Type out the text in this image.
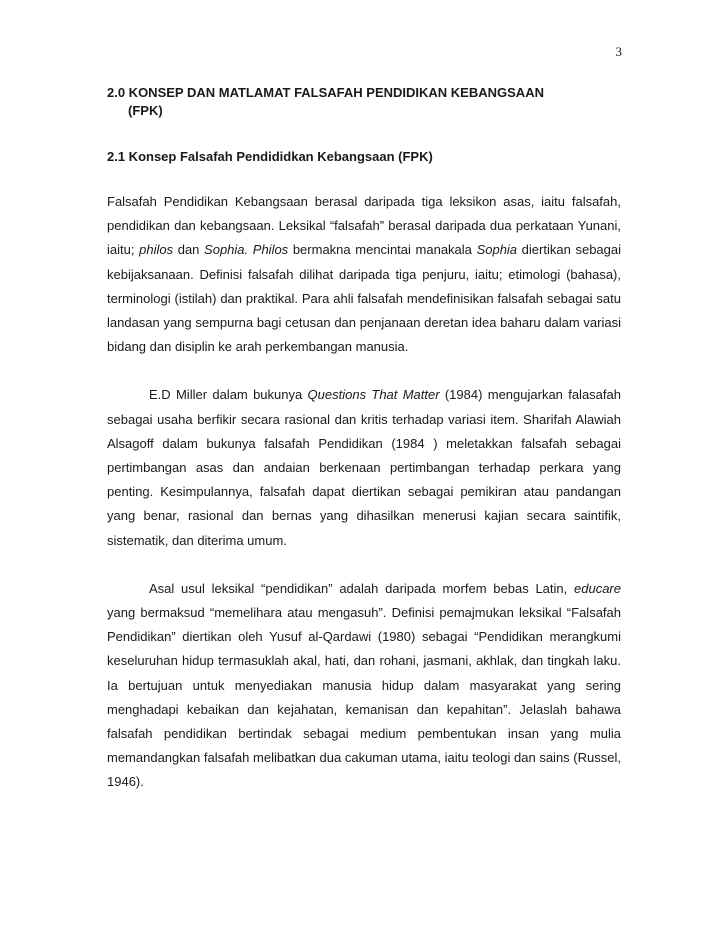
3
2.0 KONSEP DAN MATLAMAT FALSAFAH PENDIDIKAN KEBANGSAAN
(FPK)
2.1 Konsep Falsafah Pendididkan Kebangsaan (FPK)

Falsafah Pendidikan Kebangsaan berasal daripada tiga leksikon asas, iaitu falsafah, pendidikan dan kebangsaan. Leksikal “falsafah” berasal daripada dua perkataan Yunani, iaitu; philos dan Sophia. Philos bermakna mencintai manakala Sophia diertikan sebagai kebijaksanaan. Definisi falsafah dilihat daripada tiga penjuru, iaitu; etimologi (bahasa), terminologi (istilah) dan praktikal. Para ahli falsafah mendefinisikan falsafah sebagai satu landasan yang sempurna bagi cetusan dan penjanaan deretan idea baharu dalam variasi bidang dan disiplin ke arah perkembangan manusia.

E.D Miller dalam bukunya Questions That Matter (1984) mengujarkan falasafah sebagai usaha berfikir secara rasional dan kritis terhadap variasi item. Sharifah Alawiah Alsagoff dalam bukunya falsafah Pendidikan (1984 ) meletakkan falsafah sebagai pertimbangan asas dan andaian berkenaan pertimbangan terhadap perkara yang penting. Kesimpulannya, falsafah dapat diertikan sebagai pemikiran atau pandangan yang benar, rasional dan bernas yang dihasilkan menerusi kajian secara saintifik, sistematik, dan diterima umum.

Asal usul leksikal “pendidikan” adalah daripada morfem bebas Latin, educare yang bermaksud “memelihara atau mengasuh”. Definisi pemajmukan leksikal “Falsafah Pendidikan” diertikan oleh Yusuf al-Qardawi (1980) sebagai “Pendidikan merangkumi keseluruhan hidup termasuklah akal, hati, dan rohani, jasmani, akhlak, dan tingkah laku. Ia bertujuan untuk menyediakan manusia hidup dalam masyarakat yang sering menghadapi kebaikan dan kejahatan, kemanisan dan kepahitan”. Jelaslah bahawa falsafah pendidikan bertindak sebagai medium pembentukan insan yang mulia memandangkan falsafah melibatkan dua cakuman utama, iaitu teologi dan sains (Russel, 1946).
